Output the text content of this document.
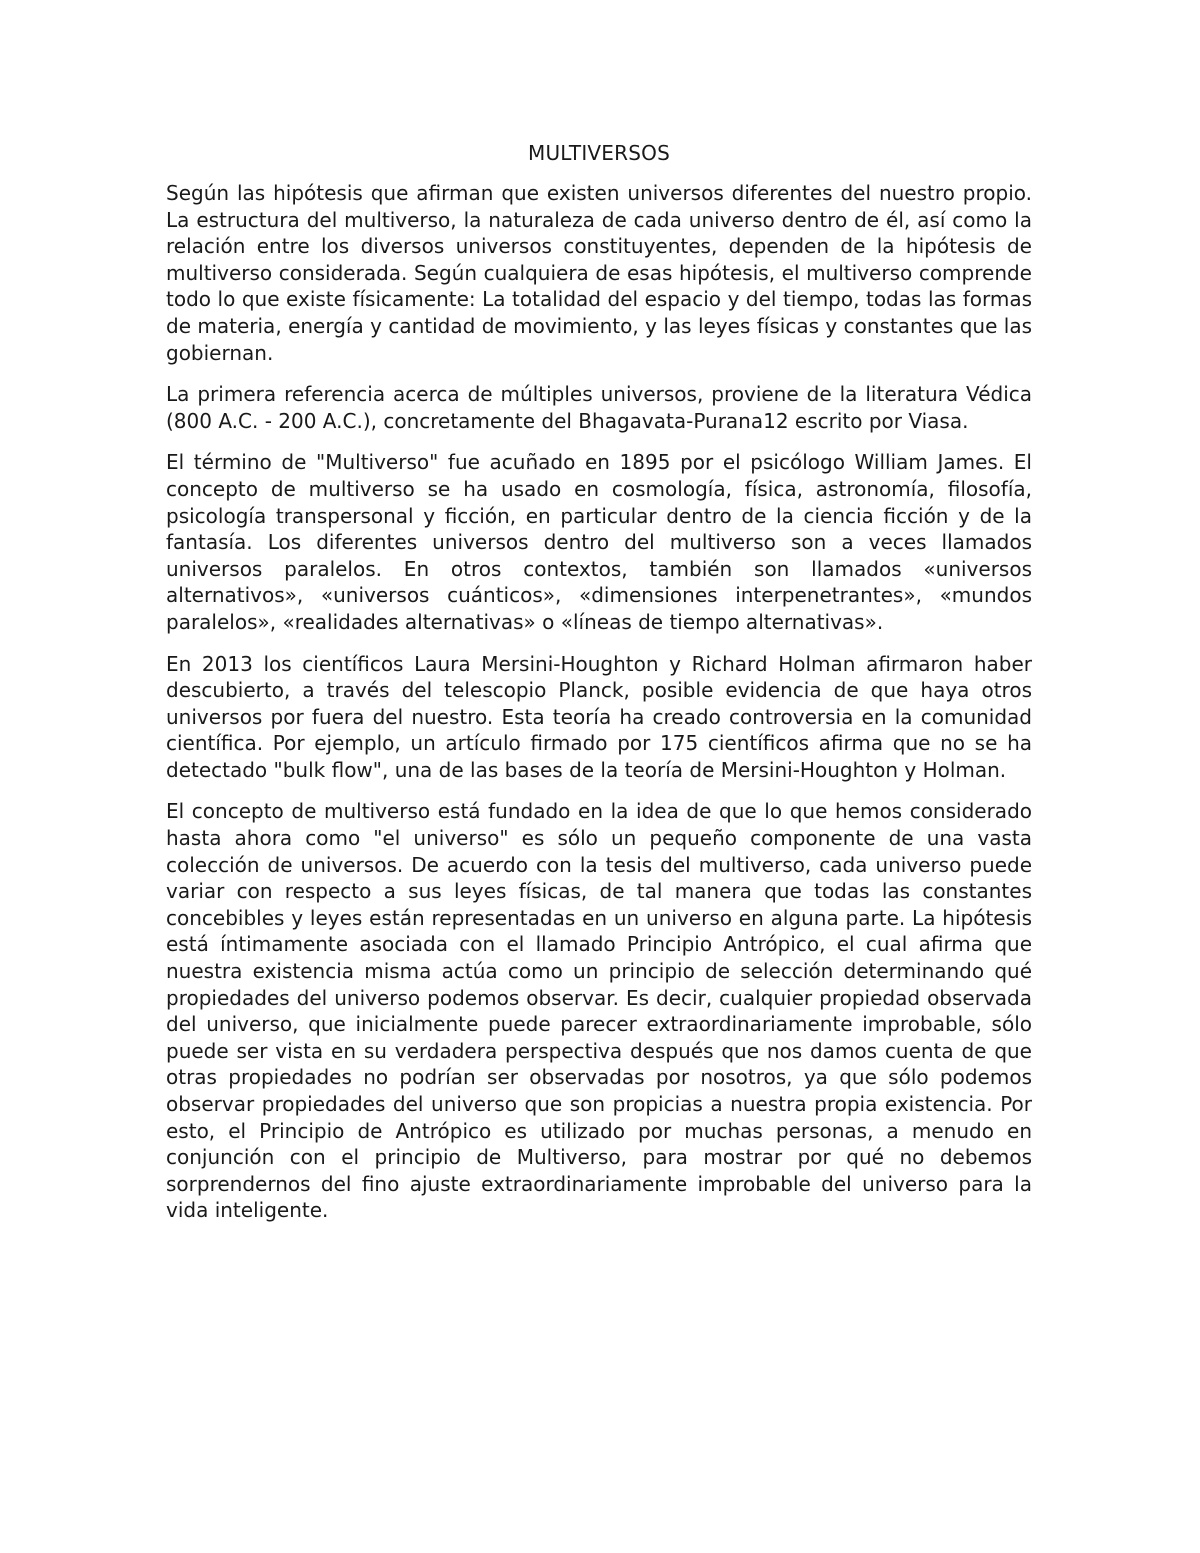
MULTIVERSOS

Según las hipótesis que afirman que existen universos diferentes del nuestro propio. La estructura del multiverso, la naturaleza de cada universo dentro de él, así como la relación entre los diversos universos constituyentes, dependen de la hipótesis de multiverso considerada. Según cualquiera de esas hipótesis, el multiverso comprende todo lo que existe físicamente: La totalidad del espacio y del tiempo, todas las formas de materia, energía y cantidad de movimiento, y las leyes físicas y constantes que las gobiernan.

La primera referencia acerca de múltiples universos, proviene de la literatura Védica (800 A.C. - 200 A.C.), concretamente del Bhagavata-Purana12 escrito por Viasa.

El término de "Multiverso" fue acuñado en 1895 por el psicólogo William James. El concepto de multiverso se ha usado en cosmología, física, astronomía, filosofía, psicología transpersonal y ficción, en particular dentro de la ciencia ficción y de la fantasía. Los diferentes universos dentro del multiverso son a veces llamados universos paralelos. En otros contextos, también son llamados «universos alternativos», «universos cuánticos», «dimensiones interpenetrantes», «mundos paralelos», «realidades alternativas» o «líneas de tiempo alternativas».

En 2013 los científicos Laura Mersini-Houghton y Richard Holman afirmaron haber descubierto, a través del telescopio Planck, posible evidencia de que haya otros universos por fuera del nuestro. Esta teoría ha creado controversia en la comunidad científica. Por ejemplo, un artículo firmado por 175 científicos afirma que no se ha detectado "bulk flow", una de las bases de la teoría de Mersini-Houghton y Holman.

El concepto de multiverso está fundado en la idea de que lo que hemos considerado hasta ahora como "el universo" es sólo un pequeño componente de una vasta colección de universos. De acuerdo con la tesis del multiverso, cada universo puede variar con respecto a sus leyes físicas, de tal manera que todas las constantes concebibles y leyes están representadas en un universo en alguna parte. La hipótesis está íntimamente asociada con el llamado Principio Antrópico, el cual afirma que nuestra existencia misma actúa como un principio de selección determinando qué propiedades del universo podemos observar. Es decir, cualquier propiedad observada del universo, que inicialmente puede parecer extraordinariamente improbable, sólo puede ser vista en su verdadera perspectiva después que nos damos cuenta de que otras propiedades no podrían ser observadas por nosotros, ya que sólo podemos observar propiedades del universo que son propicias a nuestra propia existencia. Por esto, el Principio de Antrópico es utilizado por muchas personas, a menudo en conjunción con el principio de Multiverso, para mostrar por qué no debemos sorprendernos del fino ajuste extraordinariamente improbable del universo para la vida inteligente.
